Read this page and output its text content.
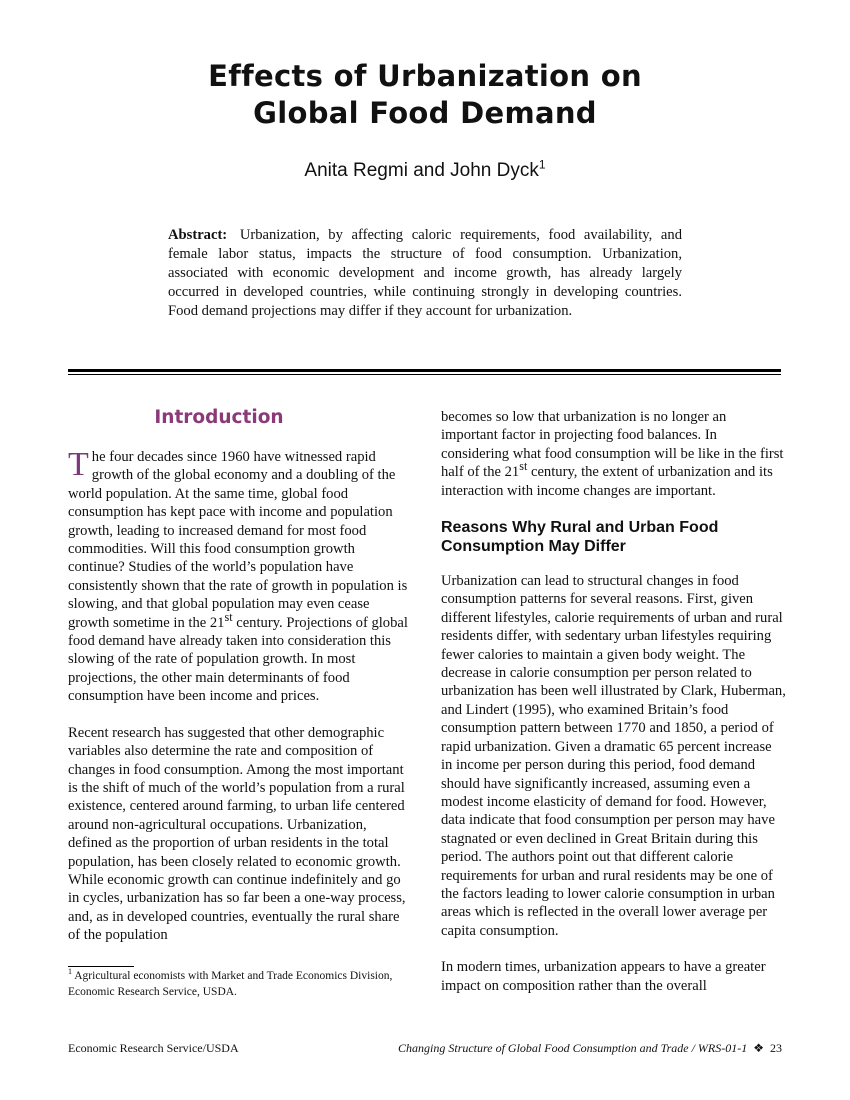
Effects of Urbanization on
Global Food Demand
Anita Regmi and John Dyck$^1$
Abstract: Urbanization, by affecting caloric requirements, food availability, and female labor status, impacts the structure of food consumption. Urbanization, associated with economic development and income growth, has already largely occurred in developed countries, while continuing strongly in developing countries. Food demand projections may differ if they account for urbanization.
Introduction

The four decades since 1960 have witnessed rapid growth of the global economy and a doubling of the world population. At the same time, global food consumption has kept pace with income and population growth, leading to increased demand for most food commodities. Will this food consumption growth continue? Studies of the world’s population have consistently shown that the rate of growth in population is slowing, and that global population may even cease growth sometime in the 21st century. Projections of global food demand have already taken into consideration this slowing of the rate of population growth. In most projections, the other main determinants of food consumption have been income and prices.

Recent research has suggested that other demographic variables also determine the rate and composition of changes in food consumption. Among the most important is the shift of much of the world’s population from a rural existence, centered around farming, to urban life centered around non-agricultural occupations. Urbanization, defined as the proportion of urban residents in the total population, has been closely related to economic growth. While economic growth can continue indefinitely and go in cycles, urbanization has so far been a one-way process, and, as in developed countries, eventually the rural share of the population

becomes so low that urbanization is no longer an important factor in projecting food balances. In considering what food consumption will be like in the first half of the 21st century, the extent of urbanization and its interaction with income changes are important.

Reasons Why Rural and Urban Food Consumption May Differ

Urbanization can lead to structural changes in food consumption patterns for several reasons. First, given different lifestyles, calorie requirements of urban and rural residents differ, with sedentary urban lifestyles requiring fewer calories to maintain a given body weight. The decrease in calorie consumption per person related to urbanization has been well illustrated by Clark, Huberman, and Lindert (1995), who examined Britain’s food consumption pattern between 1770 and 1850, a period of rapid urbanization. Given a dramatic 65 percent increase in income per person during this period, food demand should have significantly increased, assuming even a modest income elasticity of demand for food. However, data indicate that food consumption per person may have stagnated or even declined in Great Britain during this period. The authors point out that different calorie requirements for urban and rural residents may be one of the factors leading to lower calorie consumption in urban areas which is reflected in the overall lower average per capita consumption.

In modern times, urbanization appears to have a greater impact on composition rather than the overall

$^1$ Agricultural economists with Market and Trade Economics Division, Economic Research Service, USDA.
Economic Research Service/USDA	Changing Structure of Global Food Consumption and Trade / WRS-01-1 ❖ 23
